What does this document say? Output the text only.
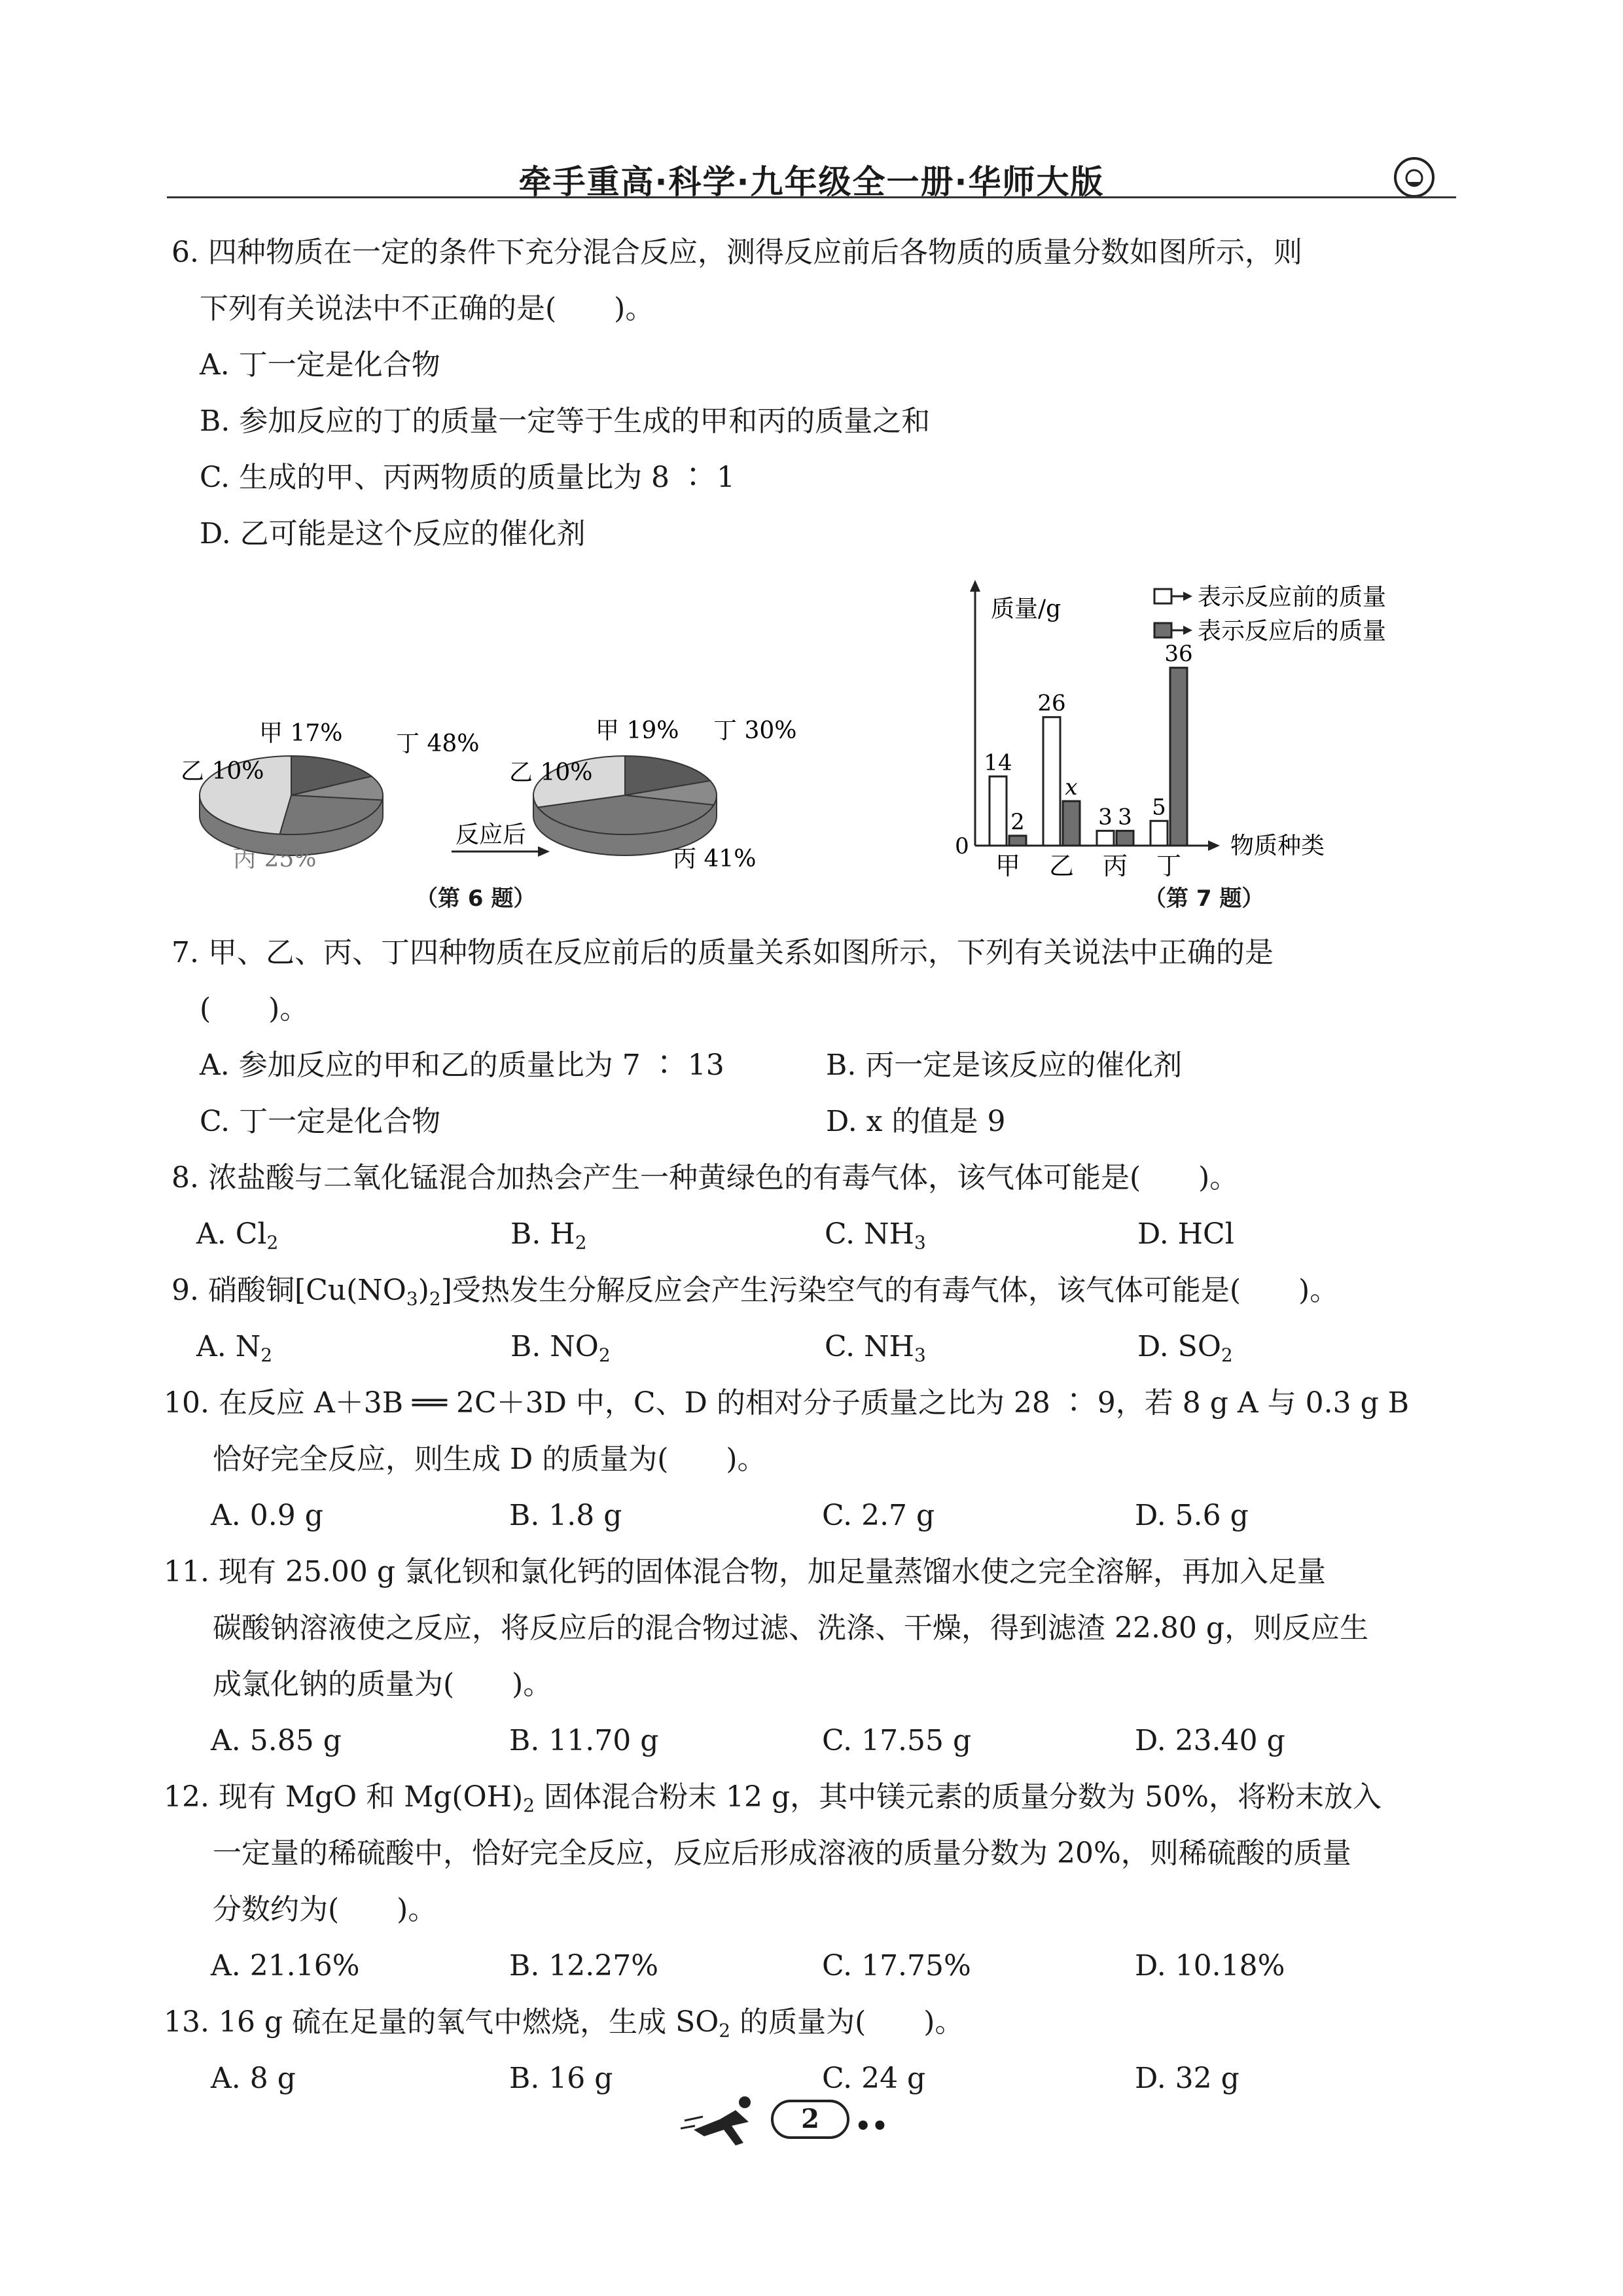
牵手重高·科学·九年级全一册·华师大版
6. 四种物质在一定的条件下充分混合反应，测得反应前后各物质的质量分数如图所示，则
下列有关说法中不正确的是(　　)。
A. 丁一定是化合物
B. 参加反应的丁的质量一定等于生成的甲和丙的质量之和
C. 生成的甲、丙两物质的质量比为 8 ∶ 1
D. 乙可能是这个反应的催化剂
乙 10%
甲 17% 丁 48%
丙 25%
乙 10%
甲 19% 丁 30%
丙 41%
反应后
（第 6 题）
质量/g
物质种类
0
表示反应前的质量
表示反应后的质量
14
2
甲
26
x
乙
3 3
丙
5
36
丁
（第 7 题）
7. 甲、乙、丙、丁四种物质在反应前后的质量关系如图所示，下列有关说法中正确的是
(　　)。
A. 参加反应的甲和乙的质量比为 7 ∶ 13	B. 丙一定是该反应的催化剂
C. 丁一定是化合物	D. x 的值是 9
8. 浓盐酸与二氧化锰混合加热会产生一种黄绿色的有毒气体，该气体可能是(　　)。
A. $Cl_2$	B. $H_2$	C. $NH_3$	D. HCl
9. 硝酸铜$[Cu(NO_3)_2]$受热发生分解反应会产生污染空气的有毒气体，该气体可能是(　　)。
A. $N_2$	B. $NO_2$	C. $NH_3$	D. $SO_2$
10. 在反应 A＋3B ══ 2C＋3D 中，C、D 的相对分子质量之比为 28 ∶ 9，若 8 g A 与 0.3 g B
恰好完全反应，则生成 D 的质量为(　　)。
A. 0.9 g	B. 1.8 g	C. 2.7 g	D. 5.6 g
11. 现有 25.00 g 氯化钡和氯化钙的固体混合物，加足量蒸馏水使之完全溶解，再加入足量
碳酸钠溶液使之反应，将反应后的混合物过滤、洗涤、干燥，得到滤渣 22.80 g，则反应生
成氯化钠的质量为(　　)。
A. 5.85 g	B. 11.70 g	C. 17.55 g	D. 23.40 g
12. 现有 MgO 和 $Mg(OH)_2$ 固体混合粉末 12 g，其中镁元素的质量分数为 50%，将粉末放入
一定量的稀硫酸中，恰好完全反应，反应后形成溶液的质量分数为 20%，则稀硫酸的质量
分数约为(　　)。
A. 21.16%	B. 12.27%	C. 17.75%	D. 10.18%
13. 16 g 硫在足量的氧气中燃烧，生成 $SO_2$ 的质量为(　　)。
A. 8 g	B. 16 g	C. 24 g	D. 32 g
2	••
